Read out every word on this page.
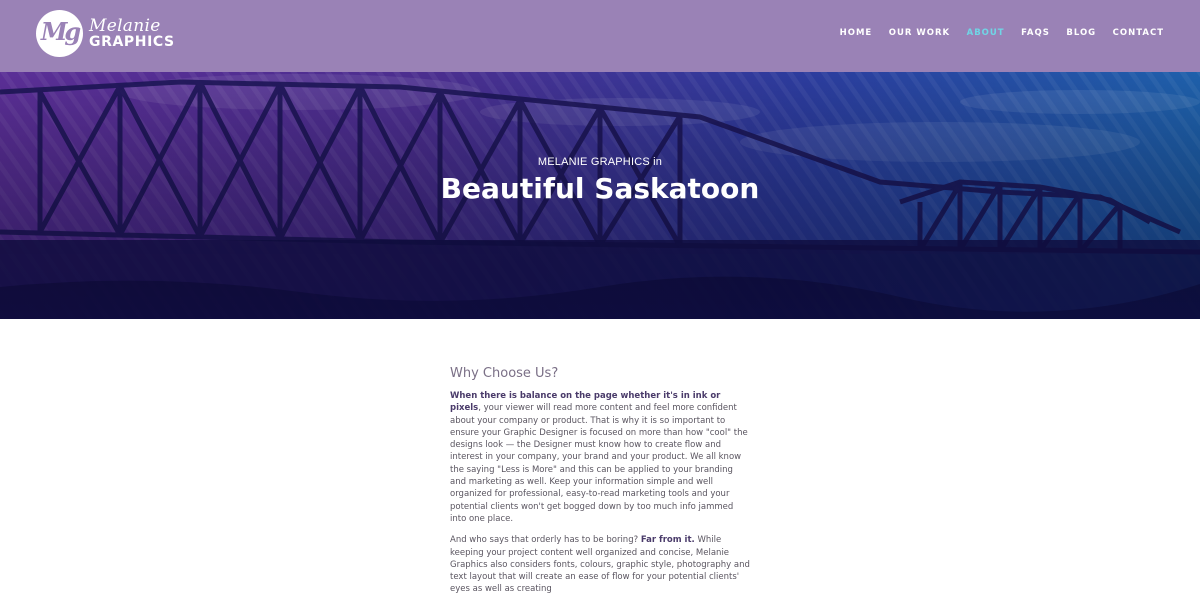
Mg Melanie
GRAPHICS
HOME OUR WORK ABOUT FAQS BLOG CONTACT
MELANIE GRAPHICS in
Beautiful Saskatoon
Why Choose Us?

When there is balance on the page whether it's in ink or pixels, your viewer will read more content and feel more confident about your company or product. That is why it is so important to ensure your Graphic Designer is focused on more than how "cool" the designs look — the Designer must know how to create flow and interest in your company, your brand and your product. We all know the saying "Less is More" and this can be applied to your branding and marketing as well. Keep your information simple and well organized for professional, easy-to-read marketing tools and your potential clients won't get bogged down by too much info jammed into one place.

And who says that orderly has to be boring? Far from it. While keeping your project content well organized and concise, Melanie Graphics also considers fonts, colours, graphic style, photography and text layout that will create an ease of flow for your potential clients' eyes as well as creating
